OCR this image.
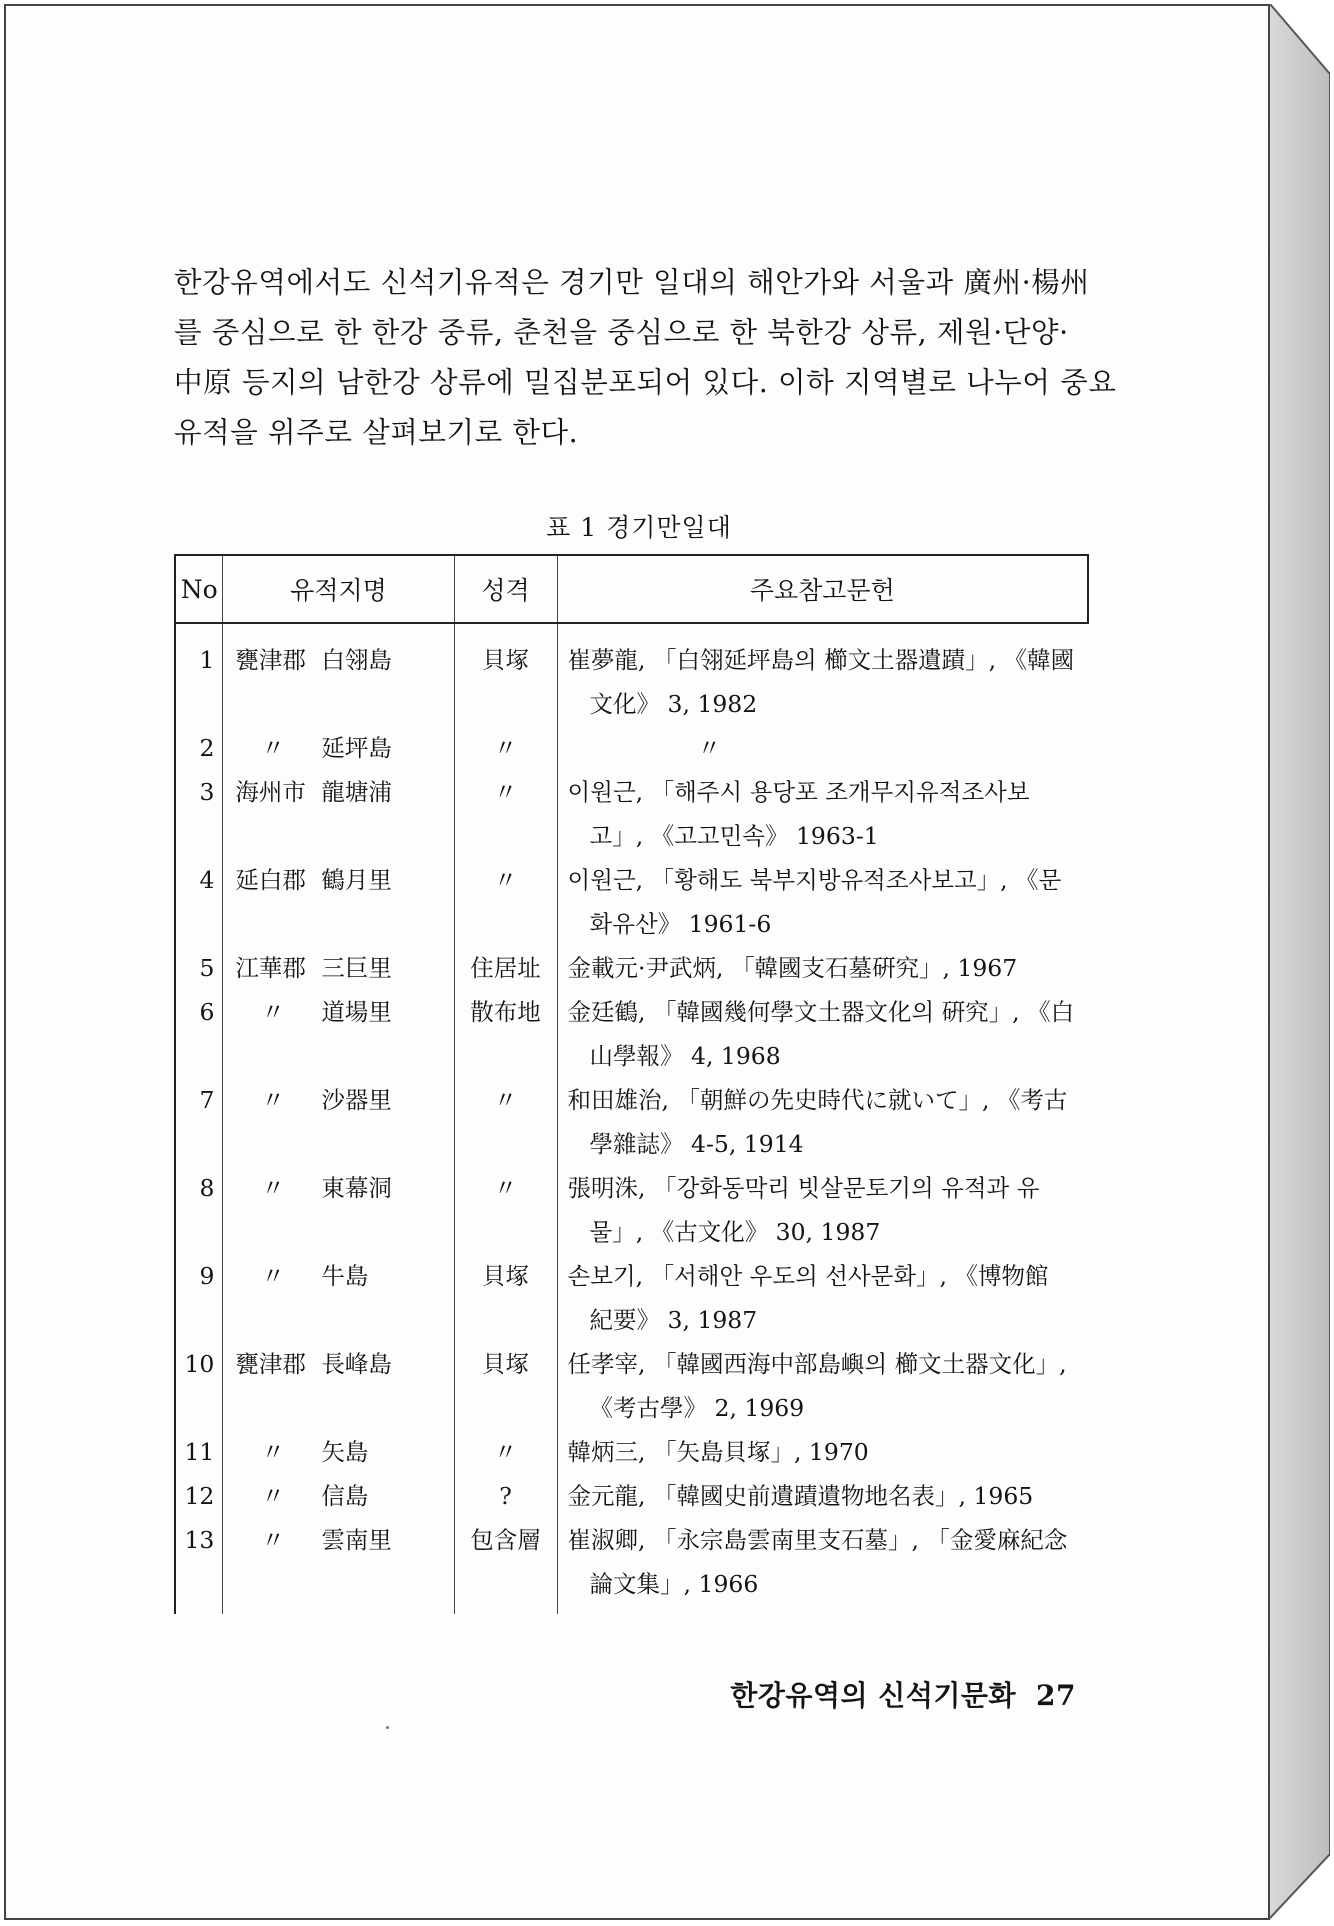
한강유역에서도 신석기유적은 경기만 일대의 해안가와 서울과 廣州·楊州
를 중심으로 한 한강 중류, 춘천을 중심으로 한 북한강 상류, 제원·단양·
中原 등지의 남한강 상류에 밀집분포되어 있다. 이하 지역별로 나누어 중요
유적을 위주로 살펴보기로 한다.
표 1 경기만일대
No	유적지명	성격	주요참고문헌

1	甕津郡 白翎島	貝塚	崔夢龍, 「白翎延坪島의 櫛文土器遺蹟」, 《韓國
文化》 3, 1982

2	〃 延坪島	〃	〃

3	海州市 龍塘浦	〃	이원근, 「해주시 용당포 조개무지유적조사보
고」, 《고고민속》 1963-1

4	延白郡 鶴月里	〃	이원근, 「황해도 북부지방유적조사보고」, 《문
화유산》 1961-6

5	江華郡 三巨里	住居址	金載元·尹武炳, 「韓國支石墓硏究」, 1967

6	〃 道場里	散布地	金廷鶴, 「韓國幾何學文土器文化의 硏究」, 《白
山學報》 4, 1968

7	〃 沙器里	〃	和田雄治, 「朝鮮の先史時代に就いて」, 《考古
學雜誌》 4-5, 1914

8	〃 東幕洞	〃	張明洙, 「강화동막리 빗살문토기의 유적과 유
물」, 《古文化》 30, 1987

9	〃 牛島	貝塚	손보기, 「서해안 우도의 선사문화」, 《博物館
紀要》 3, 1987

10	甕津郡 長峰島	貝塚	任孝宰, 「韓國西海中部島嶼의 櫛文土器文化」,
《考古學》 2, 1969

11	〃 矢島	〃	韓炳三, 「矢島貝塚」, 1970

12	〃 信島	?	金元龍, 「韓國史前遺蹟遺物地名表」, 1965

13	〃 雲南里	包含層	崔淑卿, 「永宗島雲南里支石墓」, 「金愛麻紀念
論文集」, 1966

한강유역의 신석기문화 27
